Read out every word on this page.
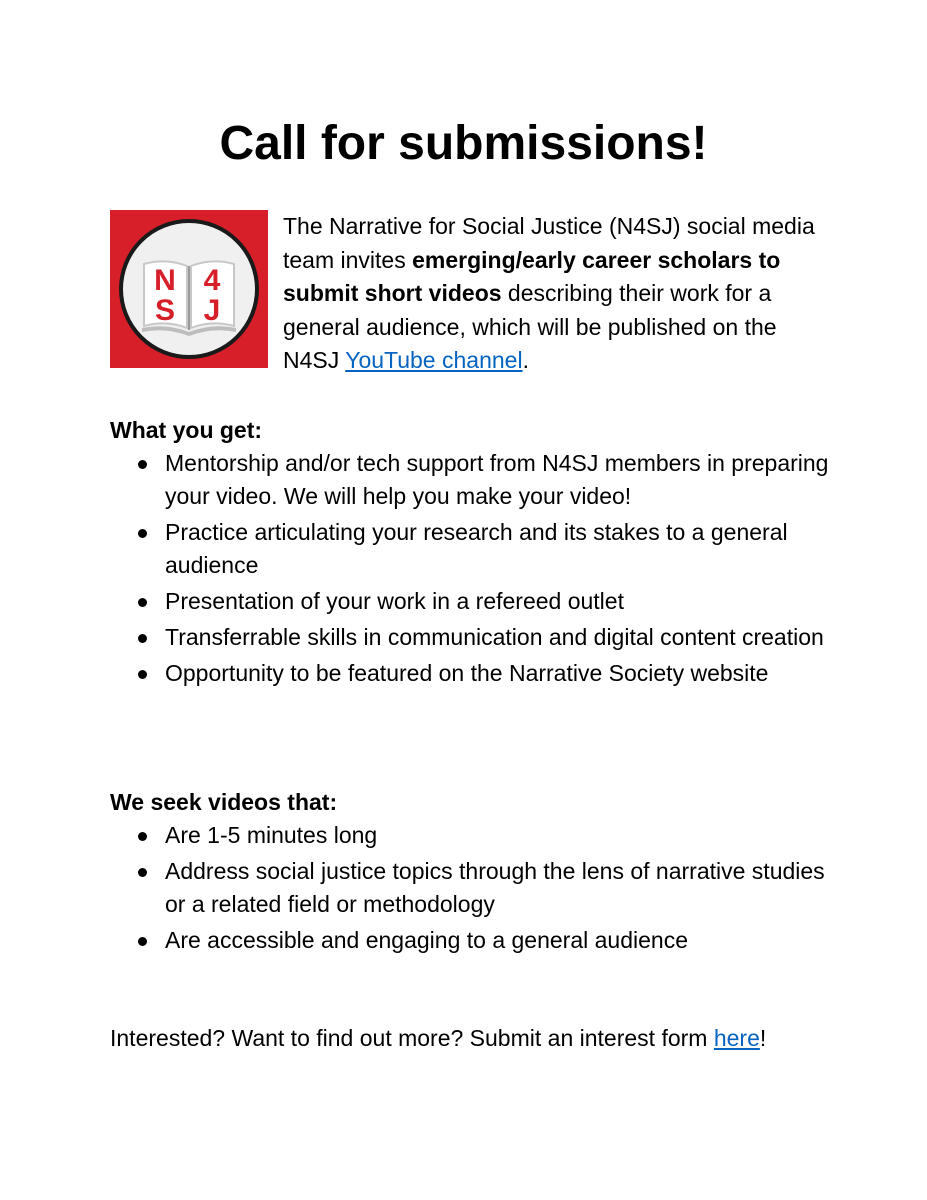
Call for submissions!
N 4
S J

The Narrative for Social Justice (N4SJ) social media team invites emerging/early career scholars to submit short videos describing their work for a general audience, which will be published on the N4SJ YouTube channel.

What you get:
Mentorship and/or tech support from N4SJ members in preparing your video. We will help you make your video!
Practice articulating your research and its stakes to a general audience
Presentation of your work in a refereed outlet
Transferrable skills in communication and digital content creation
Opportunity to be featured on the Narrative Society website
We seek videos that:
Are 1-5 minutes long
Address social justice topics through the lens of narrative studies or a related field or methodology
Are accessible and engaging to a general audience

Interested? Want to find out more? Submit an interest form here!
